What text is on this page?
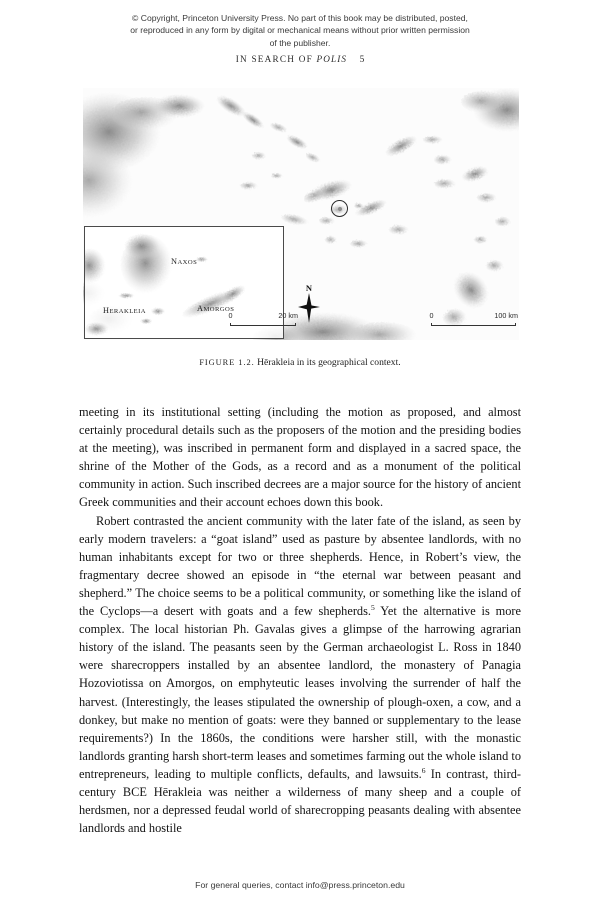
© Copyright, Princeton University Press. No part of this book may be distributed, posted, or reproduced in any form by digital or mechanical means without prior written permission of the publisher.
IN SEARCH OF POLIS 5
NAXOS
HERAKLEIA	AMORGOS
0	20 km	0	100 km
N
FIGURE 1.2. Hērakleia in its geographical context.

meeting in its institutional setting (including the motion as proposed, and almost certainly procedural details such as the proposers of the motion and the presiding bodies at the meeting), was inscribed in permanent form and displayed in a sacred space, the shrine of the Mother of the Gods, as a record and as a monument of the political community in action. Such inscribed decrees are a major source for the history of ancient Greek communities and their account echoes down this book.

Robert contrasted the ancient community with the later fate of the island, as seen by early modern travelers: a “goat island” used as pasture by absentee landlords, with no human inhabitants except for two or three shepherds. Hence, in Robert’s view, the fragmentary decree showed an episode in “the eternal war between peasant and shepherd.” The choice seems to be a political community, or something like the island of the Cyclops—a desert with goats and a few shepherds.$^5$ Yet the alternative is more complex. The local historian Ph. Gavalas gives a glimpse of the harrowing agrarian history of the island. The peasants seen by the German archaeologist L. Ross in 1840 were sharecroppers installed by an absentee landlord, the monastery of Panagia Hozoviotissa on Amorgos, on emphyteutic leases involving the surrender of half the harvest. (Interestingly, the leases stipulated the ownership of plough-oxen, a cow, and a donkey, but make no mention of goats: were they banned or supplementary to the lease requirements?) In the 1860s, the conditions were harsher still, with the monastic landlords granting harsh short-term leases and sometimes farming out the whole island to entrepreneurs, leading to multiple conflicts, defaults, and lawsuits.$^6$ In contrast, third-century BCE Hērakleia was neither a wilderness of many sheep and a couple of herdsmen, nor a depressed feudal world of sharecropping peasants dealing with absentee landlords and hostile

For general queries, contact info@press.princeton.edu
